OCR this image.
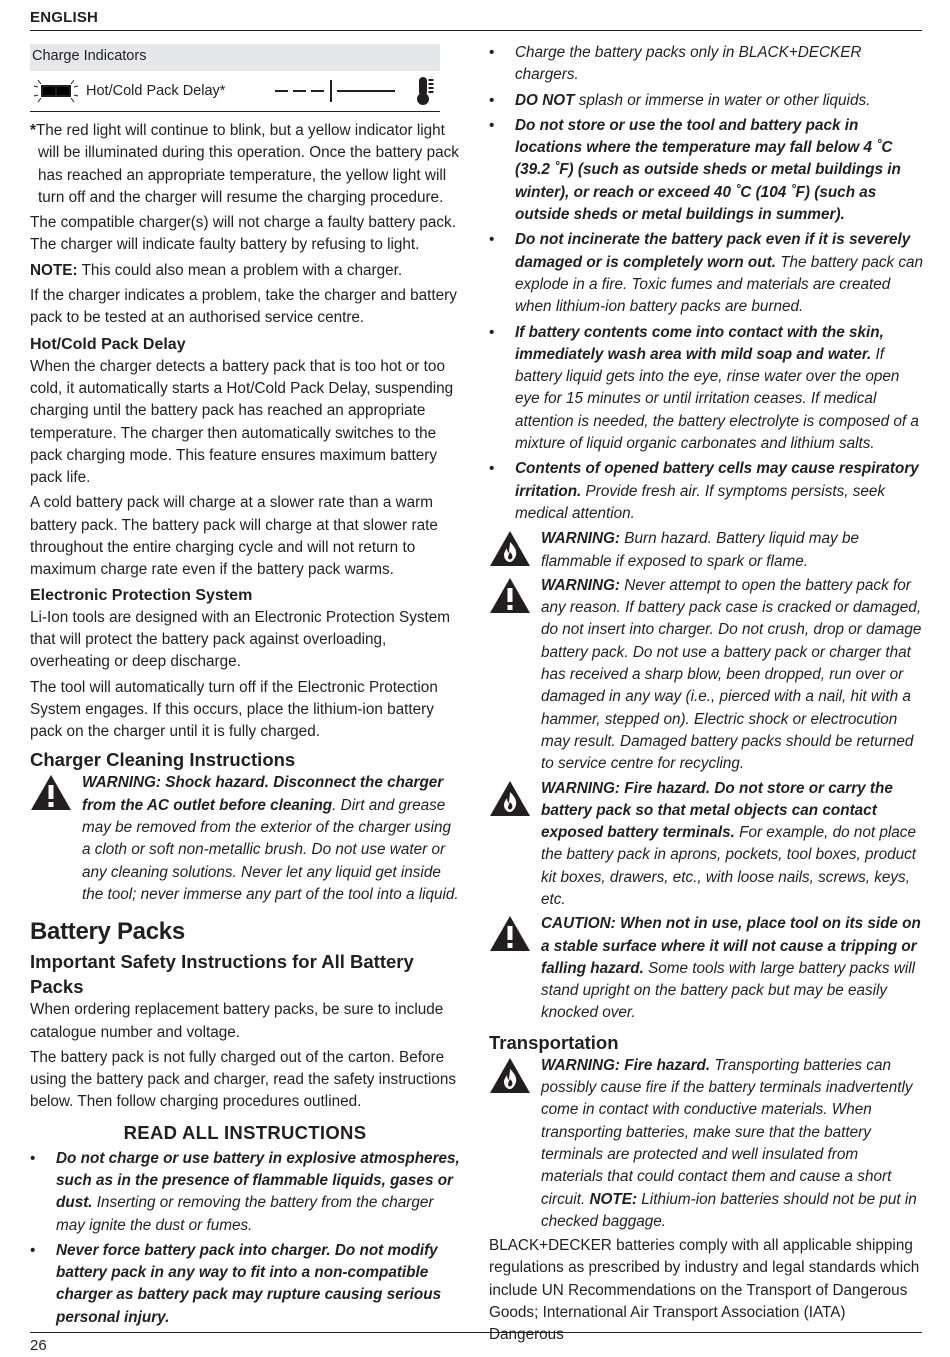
ENGLISH
Charge Indicators
Hot/Cold Pack Delay*

*The red light will continue to blink, but a yellow indicator light will be illuminated during this operation. Once the battery pack has reached an appropriate temperature, the yellow light will turn off and the charger will resume the charging procedure.

The compatible charger(s) will not charge a faulty battery pack. The charger will indicate faulty battery by refusing to light.

NOTE: This could also mean a problem with a charger.

If the charger indicates a problem, take the charger and battery pack to be tested at an authorised service centre.

Hot/Cold Pack Delay

When the charger detects a battery pack that is too hot or too cold, it automatically starts a Hot/Cold Pack Delay, suspending charging until the battery pack has reached an appropriate temperature. The charger then automatically switches to the pack charging mode. This feature ensures maximum battery pack life.

A cold battery pack will charge at a slower rate than a warm battery pack. The battery pack will charge at that slower rate throughout the entire charging cycle and will not return to maximum charge rate even if the battery pack warms.

Electronic Protection System

Li-Ion tools are designed with an Electronic Protection System that will protect the battery pack against overloading, overheating or deep discharge.

The tool will automatically turn off if the Electronic Protection System engages. If this occurs, place the lithium-ion battery pack on the charger until it is fully charged.

Charger Cleaning Instructions

WARNING: Shock hazard. Disconnect the charger from the AC outlet before cleaning. Dirt and grease may be removed from the exterior of the charger using a cloth or soft non-metallic brush. Do not use water or any cleaning solutions. Never let any liquid get inside the tool; never immerse any part of the tool into a liquid.

Battery Packs
Important Safety Instructions for All Battery Packs

When ordering replacement battery packs, be sure to include catalogue number and voltage.

The battery pack is not fully charged out of the carton. Before using the battery pack and charger, read the safety instructions below. Then follow charging procedures outlined.

READ ALL INSTRUCTIONS
• Do not charge or use battery in explosive atmospheres, such as in the presence of flammable liquids, gases or dust. Inserting or removing the battery from the charger may ignite the dust or fumes.
• Never force battery pack into charger. Do not modify battery pack in any way to fit into a non-compatible charger as battery pack may rupture causing serious personal injury.
• Charge the battery packs only in BLACK+DECKER chargers.
• DO NOT splash or immerse in water or other liquids.
• Do not store or use the tool and battery pack in locations where the temperature may fall below 4 ˚C (39.2 ˚F) (such as outside sheds or metal buildings in winter), or reach or exceed 40 ˚C (104 ˚F) (such as outside sheds or metal buildings in summer).
• Do not incinerate the battery pack even if it is severely damaged or is completely worn out. The battery pack can explode in a fire. Toxic fumes and materials are created when lithium-ion battery packs are burned.
• If battery contents come into contact with the skin, immediately wash area with mild soap and water. If battery liquid gets into the eye, rinse water over the open eye for 15 minutes or until irritation ceases. If medical attention is needed, the battery electrolyte is composed of a mixture of liquid organic carbonates and lithium salts.
• Contents of opened battery cells may cause respiratory irritation. Provide fresh air. If symptoms persists, seek medical attention.

WARNING: Burn hazard. Battery liquid may be flammable if exposed to spark or flame.

WARNING: Never attempt to open the battery pack for any reason. If battery pack case is cracked or damaged, do not insert into charger. Do not crush, drop or damage battery pack. Do not use a battery pack or charger that has received a sharp blow, been dropped, run over or damaged in any way (i.e., pierced with a nail, hit with a hammer, stepped on). Electric shock or electrocution may result. Damaged battery packs should be returned to service centre for recycling.

WARNING: Fire hazard. Do not store or carry the battery pack so that metal objects can contact exposed battery terminals. For example, do not place the battery pack in aprons, pockets, tool boxes, product kit boxes, drawers, etc., with loose nails, screws, keys, etc.

CAUTION: When not in use, place tool on its side on a stable surface where it will not cause a tripping or falling hazard. Some tools with large battery packs will stand upright on the battery pack but may be easily knocked over.

Transportation

WARNING: Fire hazard. Transporting batteries can possibly cause fire if the battery terminals inadvertently come in contact with conductive materials. When transporting batteries, make sure that the battery terminals are protected and well insulated from materials that could contact them and cause a short circuit. NOTE: Lithium-ion batteries should not be put in checked baggage.

BLACK+DECKER batteries comply with all applicable shipping regulations as prescribed by industry and legal standards which include UN Recommendations on the Transport of Dangerous Goods; International Air Transport Association (IATA) Dangerous

26
